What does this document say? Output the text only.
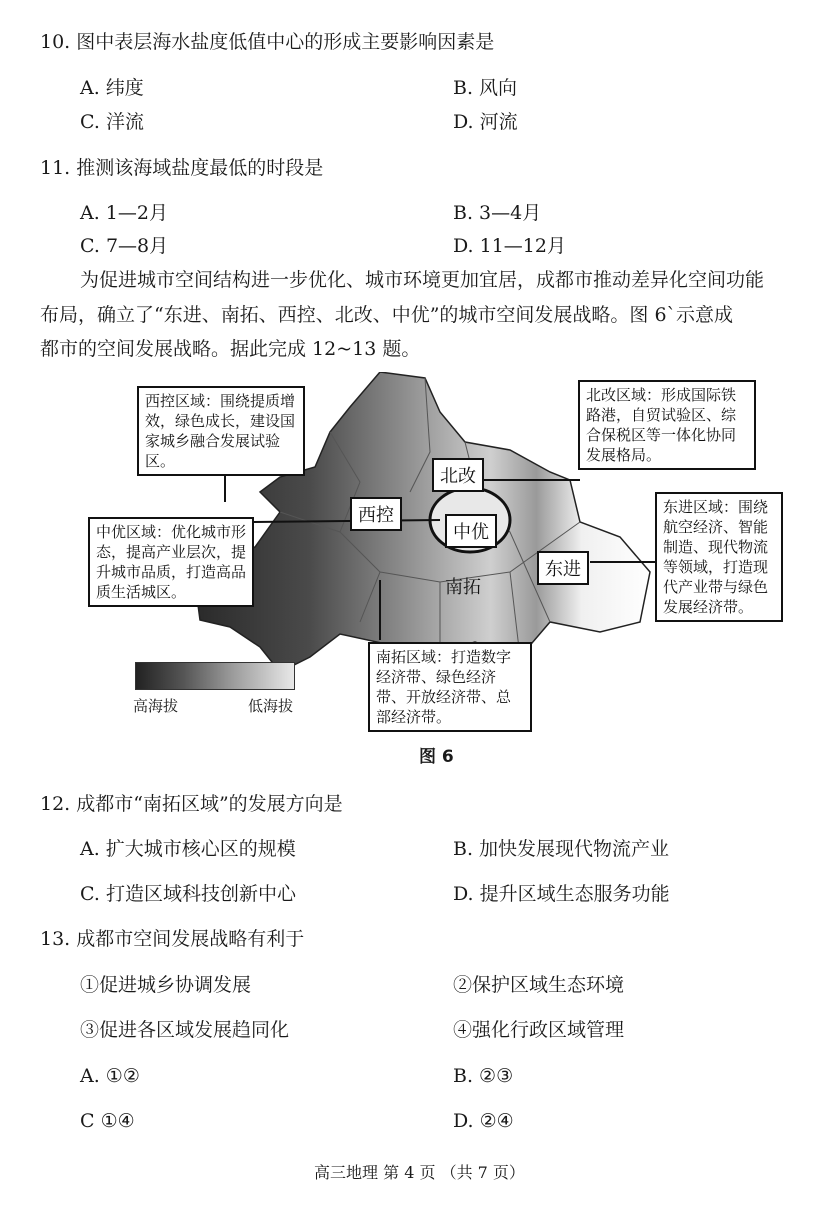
10. 图中表层海水盐度低值中心的形成主要影响因素是
A. 纬度	B. 风向
C. 洋流	D. 河流
11. 推测该海域盐度最低的时段是
A. 1—2月	B. 3—4月
C. 7—8月	D. 11—12月
为促进城市空间结构进一步优化、城市环境更加宜居，成都市推动差异化空间功能
布局，确立了“东进、南拓、西控、北改、中优”的城市空间发展战略。图 6`示意成
都市的空间发展战略。据此完成 12~13 题。
西控区域：围绕提质增效，绿色成长，建设国家城乡融合发展试验区。
北改区域：形成国际铁路港，自贸试验区、综合保税区等一体化协同发展格局。
中优区域：优化城市形态，提高产业层次，提升城市品质，打造高品质生活城区。
东进区域：围绕航空经济、智能制造、现代物流等领域，打造现代产业带与绿色发展经济带。
南拓区域：打造数字经济带、绿色经济带、开放经济带、总部经济带。
北改
西控
中优
南拓
东进
高海拔	低海拔
图 6
12. 成都市“南拓区域”的发展方向是
A. 扩大城市核心区的规模	B. 加快发展现代物流产业
C. 打造区域科技创新中心	D. 提升区域生态服务功能
13. 成都市空间发展战略有利于
①促进城乡协调发展	②保护区域生态环境
③促进各区域发展趋同化	④强化行政区域管理
A. ①②	B. ②③
C ①④	D. ②④
高三地理 第 4 页 （共 7 页）
